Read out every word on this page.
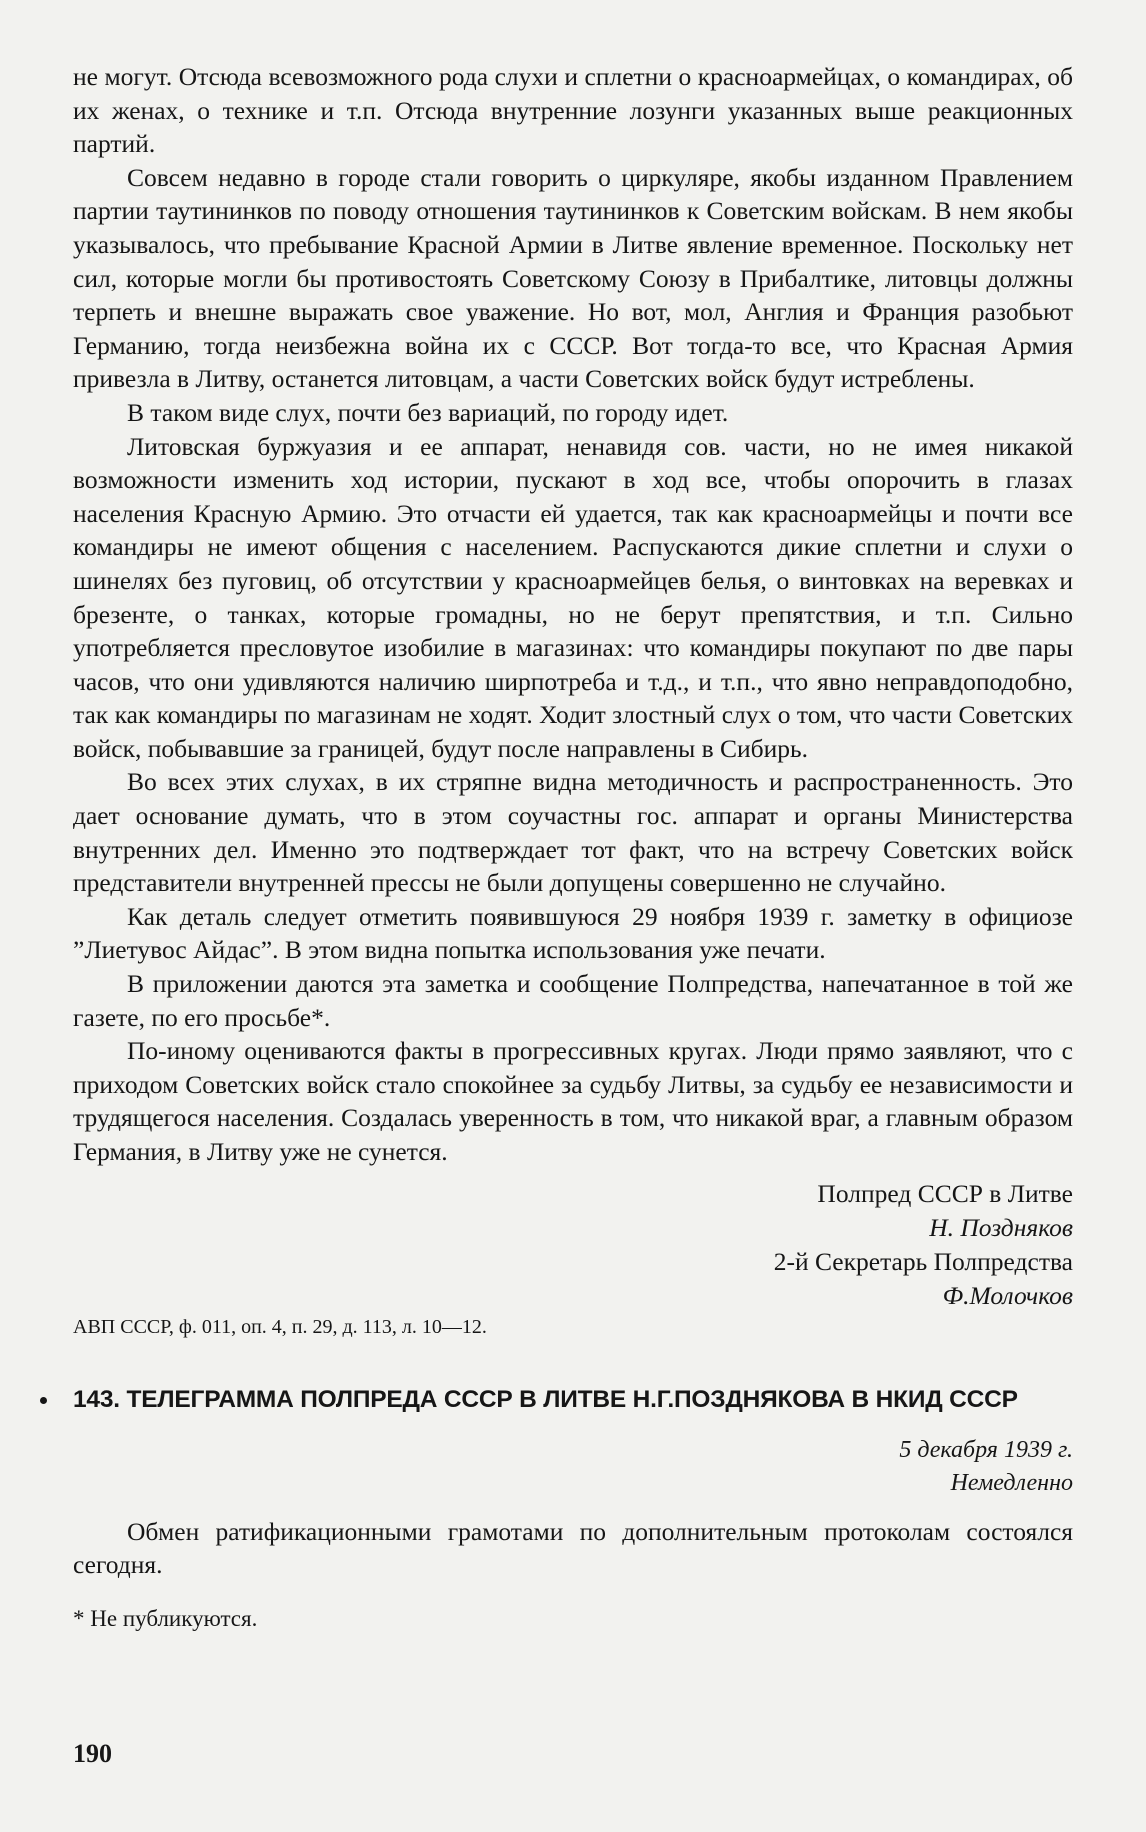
не могут. Отсюда всевозможного рода слухи и сплетни о красноармейцах, о командирах, об их женах, о технике и т.п. Отсюда внутренние лозунги указанных выше реакционных партий.

Совсем недавно в городе стали говорить о циркуляре, якобы изданном Правлением партии таутининков по поводу отношения таутининков к Советским войскам. В нем якобы указывалось, что пребывание Красной Армии в Литве явление временное. Поскольку нет сил, которые могли бы противостоять Советскому Союзу в Прибалтике, литовцы должны терпеть и внешне выражать свое уважение. Но вот, мол, Англия и Франция разобьют Германию, тогда неизбежна война их с СССР. Вот тогда-то все, что Красная Армия привезла в Литву, останется литовцам, а части Советских войск будут истреблены.

В таком виде слух, почти без вариаций, по городу идет.

Литовская буржуазия и ее аппарат, ненавидя сов. части, но не имея никакой возможности изменить ход истории, пускают в ход все, чтобы опорочить в глазах населения Красную Армию. Это отчасти ей удается, так как красноармейцы и почти все командиры не имеют общения с населением. Распускаются дикие сплетни и слухи о шинелях без пуговиц, об отсутствии у красноармейцев белья, о винтовках на веревках и брезенте, о танках, которые громадны, но не берут препятствия, и т.п. Сильно употребляется пресловутое изобилие в магазинах: что командиры покупают по две пары часов, что они удивляются наличию ширпотреба и т.д., и т.п., что явно неправдоподобно, так как командиры по магазинам не ходят. Ходит злостный слух о том, что части Советских войск, побывавшие за границей, будут после направлены в Сибирь.

Во всех этих слухах, в их стряпне видна методичность и распространенность. Это дает основание думать, что в этом соучастны гос. аппарат и органы Министерства внутренних дел. Именно это подтверждает тот факт, что на встречу Советских войск представители внутренней прессы не были допущены совершенно не случайно.

Как деталь следует отметить появившуюся 29 ноября 1939 г. заметку в официозе ”Лиетувос Айдас”. В этом видна попытка использования уже печати.

В приложении даются эта заметка и сообщение Полпредства, напечатанное в той же газете, по его просьбе*.

По-иному оцениваются факты в прогрессивных кругах. Люди прямо заявляют, что с приходом Советских войск стало спокойнее за судьбу Литвы, за судьбу ее независимости и трудящегося населения. Создалась уверенность в том, что никакой враг, а главным образом Германия, в Литву уже не сунется.

Полпред СССР в Литве
Н. Поздняков
2-й Секретарь Полпредства
Ф.Молочков
АВП СССР, ф. 011, оп. 4, п. 29, д. 113, л. 10—12.
143. ТЕЛЕГРАММА ПОЛПРЕДА СССР В ЛИТВЕ Н.Г.ПОЗДНЯКОВА В НКИД СССР
5 декабря 1939 г.
Немедленно

Обмен ратификационными грамотами по дополнительным протоколам состоялся сегодня.

* Не публикуются.
190
